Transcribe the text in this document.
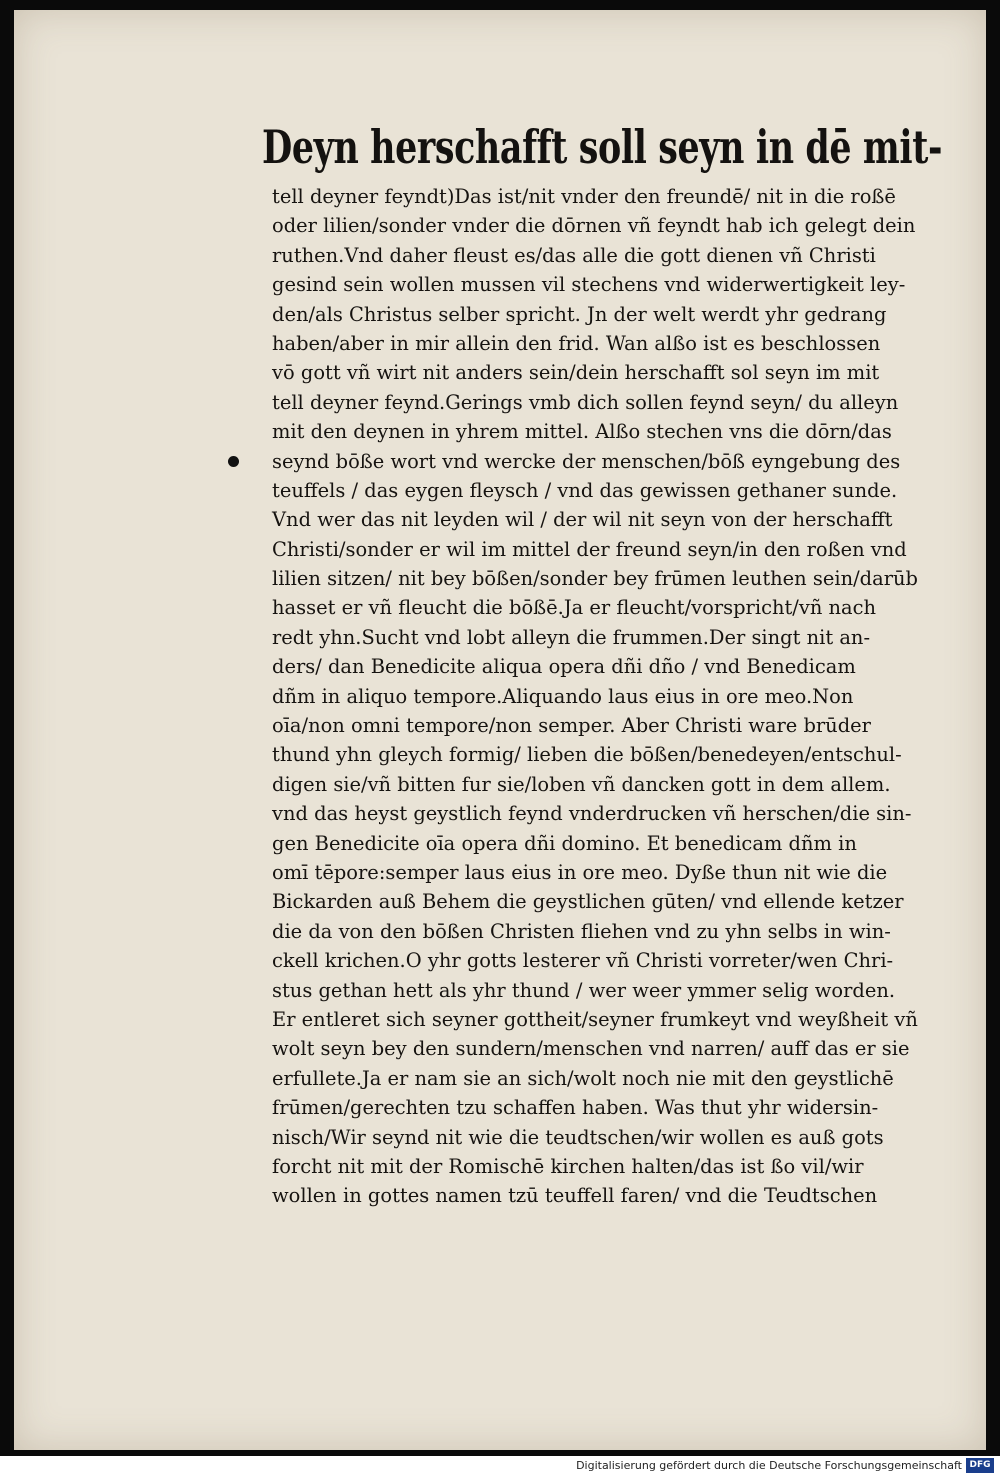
Deyn herschafft soll seyn in dē mit-
tell deyner feyndt)Das ist/nit vnder den freundē/ nit in die roßē
oder lilien/sonder vnder die dōrnen vñ feyndt hab ich gelegt dein
ruthen.Vnd daher fleust es/das alle die gott dienen vñ Christi
gesind sein wollen mussen vil stechens vnd widerwertigkeit ley-
den/als Christus selber spricht. Jn der welt werdt yhr gedrang
haben/aber in mir allein den frid. Wan alßo ist es beschlossen
vō gott vñ wirt nit anders sein/dein herschafft sol seyn im mit
tell deyner feynd.Gerings vmb dich sollen feynd seyn/ du alleyn
mit den deynen in yhrem mittel. Alßo stechen vns die dōrn/das
seynd bōße wort vnd wercke der menschen/bōß eyngebung des
teuffels / das eygen fleysch / vnd das gewissen gethaner sunde.
Vnd wer das nit leyden wil / der wil nit seyn von der herschafft
Christi/sonder er wil im mittel der freund seyn/in den roßen vnd
lilien sitzen/ nit bey bōßen/sonder bey frūmen leuthen sein/darūb
hasset er vñ fleucht die bōßē.Ja er fleucht/vorspricht/vñ nach
redt yhn.Sucht vnd lobt alleyn die frummen.Der singt nit an-
ders/ dan Benedicite aliqua opera dñi dño / vnd Benedicam
dñm in aliquo tempore.Aliquando laus eius in ore meo.Non
oīa/non omni tempore/non semper. Aber Christi ware brūder
thund yhn gleych formig/ lieben die bōßen/benedeyen/entschul-
digen sie/vñ bitten fur sie/loben vñ dancken gott in dem allem.
vnd das heyst geystlich feynd vnderdrucken vñ herschen/die sin-
gen Benedicite oīa opera dñi domino. Et benedicam dñm in
omī tēpore:semper laus eius in ore meo. Dyße thun nit wie die
Bickarden auß Behem die geystlichen gūten/ vnd ellende ketzer
die da von den bōßen Christen fliehen vnd zu yhn selbs in win-
ckell krichen.O yhr gotts lesterer vñ Christi vorreter/wen Chri-
stus gethan hett als yhr thund / wer weer ymmer selig worden.
Er entleret sich seyner gottheit/seyner frumkeyt vnd weyßheit vñ
wolt seyn bey den sundern/menschen vnd narren/ auff das er sie
erfullete.Ja er nam sie an sich/wolt noch nie mit den geystlichē
frūmen/gerechten tzu schaffen haben. Was thut yhr widersin-
nisch/Wir seynd nit wie die teudtschen/wir wollen es auß gots
forcht nit mit der Romischē kirchen halten/das ist ßo vil/wir
wollen in gottes namen tzū teuffell faren/ vnd die Teudtschen
Digitalisierung gefördert durch die Deutsche Forschungsgemeinschaft DFG
